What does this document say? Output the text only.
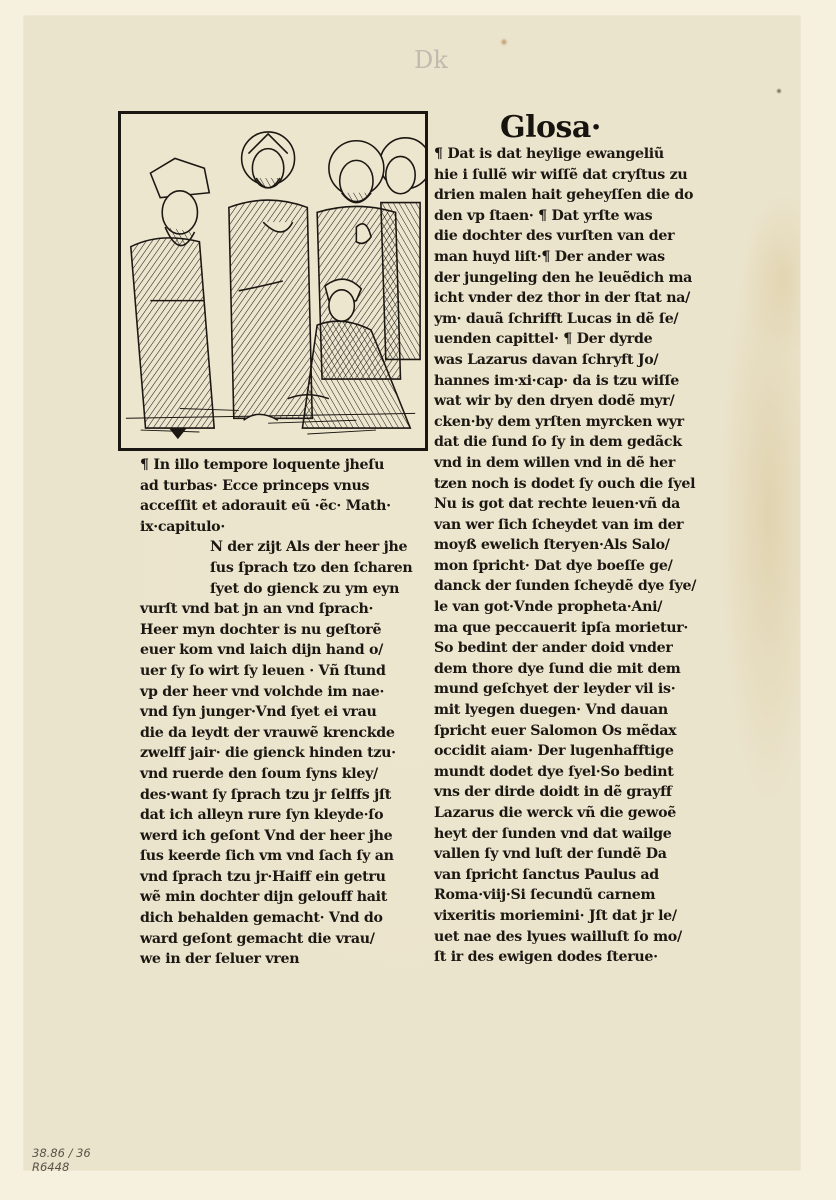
Dk
Glosa·
¶ Dat is dat heylige ewangeliũ
hie i ſullẽ wir wiſſẽ dat cryſtus zu
drien malen hait geheyſſen die do
den vp ſtaen· ¶ Dat yrſte was
die dochter des vurſten van der
man huyd liſt·¶ Der ander was
der jungeling den he leuẽdich ma
icht vnder dez thor in der ſtat na/
ym· dauã ſchrifft Lucas in dẽ ſe/
uenden capittel· ¶ Der dyrde
was Lazarus davan ſchryft Jo/
hannes im·xi·cap· da is tzu wiſſe
wat wir by den dryen dodẽ myr/
cken·by dem yrſten myrcken wyr
dat die ſund ſo ſy in dem gedãck
vnd in dem willen vnd in dẽ her
tzen noch is dodet ſy ouch die ſyel
Nu is got dat rechte leuen·vñ da
van wer ſich ſcheydet van im der
moyß ewelich ſterуen·Als Salo/
mon ſpricht· Dat dye boeſſe ge/
danck der ſunden ſcheydẽ dye ſye/
le van got·Vnde propheta·Ani/
ma que peccauerit ipſa morietur·
So bedint der ander doid vnder
dem thore dye ſund die mit dem
mund geſchyet der leyder vil is·
mit lyegen duegen· Vnd dauan
ſpricht euer Salomon Os mẽdax
occidit aiam· Der lugenhafftige
mundt dodet dye ſyel·So bedint
vns der dirde doidt in dẽ grayff
Lazarus die werck vñ die gewoẽ
heyt der ſunden vnd dat wailge
vallen ſy vnd luſt der ſundẽ Da
van ſpricht ſanctus Paulus ad
Roma·viij·Si ſecundũ carnem
vixeritis moriemini· Jſt dat jr le/
uet nae des lyues wailluſt ſo mo/
ſt ir des ewigen dodes ſterue·
¶ In illo tempore loquente jheſu
ad turbas· Ecce princeps vnus
acceſſit et adorauit eũ ·ẽc· Math·
ix·capitulo·
N der zijt Als der heer jhe
ſus ſprach tzo den ſcharen
ſyet do gienck zu ym eyn
vurſt vnd bat jn an vnd ſprach·
Heer myn dochter is nu geſtorẽ
euer kom vnd laich dijn hand o/
uer ſy ſo wirt ſy leuen · Vñ ſtund
vp der heer vnd volchde im nae·
vnd ſyn junger·Vnd ſyet ei vrau
die da leydt der vrauwẽ krenckde
zwelff jair· die gienck hinden tzu·
vnd ruerde den ſoum ſyns kley/
des·want ſy ſprach tzu jr ſelffs jſt
dat ich alleyn rure ſyn kleyde·ſo
werd ich geſont Vnd der heer jhe
ſus keerde ſich vm vnd ſach ſy an
vnd ſprach tzu jr·Haiff ein getru
wẽ min dochter dijn gelouff hait
dich behalden gemacht· Vnd do
ward geſont gemacht die vrau/
we in der ſeluer vren
38.86 / 36
R6448
